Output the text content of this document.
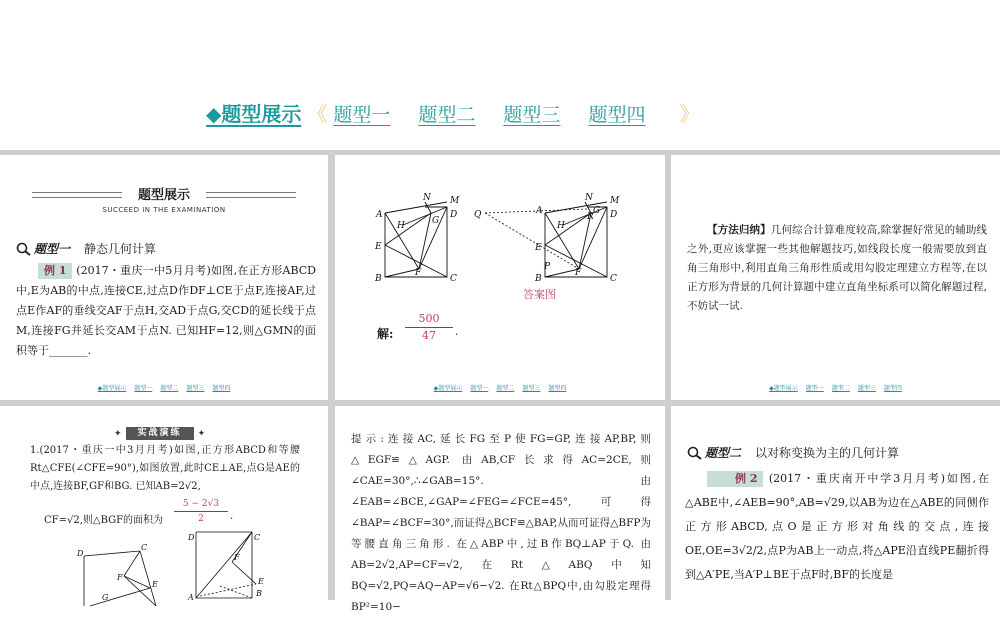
◆题型展示 《 题型一 题型二 题型三 题型四 》
题型展示
SUCCEED IN THE EXAMINATION
题型一 静态几何计算
例 1 (2017・重庆一中5月月考)如图,在正方形ABCD中,E为AB的中点,连接CE,过点D作DF⊥CE于点F,连接AF,过点E作AF的垂线交AF于点H,交AD于点G,交CD的延长线于点M,连接FG并延长交AM于点N. 已知HF=12,则△GMN的面积等于_______.
◆题型展示 题型一 题型二 题型三 题型四
A
E
B	C
D
M
N
H	G
F
Q	A
E
B	C
D
M
N
H
R
G
F
P
答案图
解:
500
47	.
◆题型展示 题型一 题型二 题型三 题型四
【方法归纳】几何综合计算难度较高,除掌握好常见的辅助线之外,更应该掌握一些其他解题技巧,如线段长度一般需要放到直角三角形中,利用直角三角形性质或用勾股定理建立方程等,在以正方形为背景的几何计算题中建立直角坐标系可以简化解题过程,不妨试一试.
◆题型展示 题型一 题型二 题型三 题型四
✦	实战演练	✦
1.(2017・重庆一中3月月考)如图,正方形ABCD和等腰Rt△CFE(∠CFE=90°),如图放置,此时CE⊥AE,点G是AE的中点,连接BF,GF和BG. 已知AB=2√2,
CF=√2,则△BGF的面积为
5 − 2√3
2	.
D
C
F
E
G
D	C
F
E
B
A
提示:连接AC,延长FG至P使FG=GP,连接AP,BP,则△EGF≌△AGP. 由AB,CF长求得AC=2CE,则∠CAE=30°,∴∠GAB=15°. 由∠EAB=∠BCE,∠GAP=∠FEG=∠FCE=45°,可得∠BAP=∠BCF=30°,而证得△BCF≌△BAP,从而可证得△BFP为等腰直角三角形. 在△ABP中,过B作BQ⊥AP于Q. 由AB=2√2,AP=CF=√2,在Rt△ABQ中知BQ=√2,PQ=AQ−AP=√6−√2. 在Rt△BPQ中,由勾股定理得BP²=10−
题型二 以对称变换为主的几何计算
例 2 (2017・重庆南开中学3月月考)如图,在△ABE中,∠AEB=90°,AB=√29,以AB为边在△ABE的同侧作正方形ABCD,点O是正方形对角线的交点,连接OE,OE=3√2/2,点P为AB上一动点,将△APE沿直线PE翻折得到△A′PE,当A′P⊥BE于点F时,BF的长度是
